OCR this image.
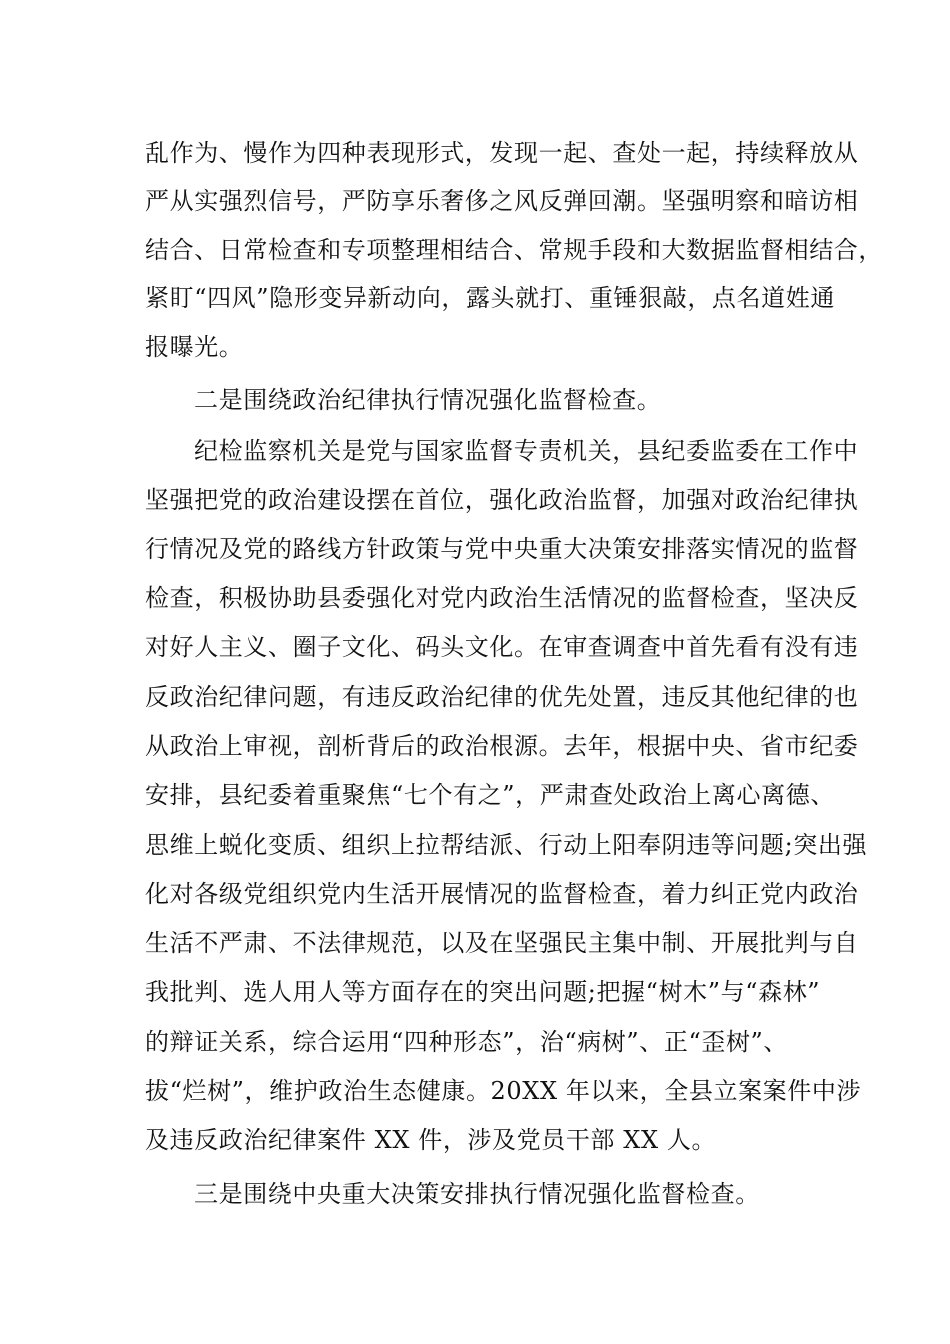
乱作为、慢作为四种表现形式，发现一起、查处一起，持续释放从
严从实强烈信号，严防享乐奢侈之风反弹回潮。坚强明察和暗访相
结合、日常检查和专项整理相结合、常规手段和大数据监督相结合，
紧盯“四风”隐形变异新动向，露头就打、重锤狠敲，点名道姓通
报曝光。
二是围绕政治纪律执行情况强化监督检查。
纪检监察机关是党与国家监督专责机关，县纪委监委在工作中
坚强把党的政治建设摆在首位，强化政治监督，加强对政治纪律执
行情况及党的路线方针政策与党中央重大决策安排落实情况的监督
检查，积极协助县委强化对党内政治生活情况的监督检查，坚决反
对好人主义、圈子文化、码头文化。在审查调查中首先看有没有违
反政治纪律问题，有违反政治纪律的优先处置，违反其他纪律的也
从政治上审视，剖析背后的政治根源。去年，根据中央、省市纪委
安排，县纪委着重聚焦“七个有之”，严肃查处政治上离心离德、
思维上蜕化变质、组织上拉帮结派、行动上阳奉阴违等问题;突出强
化对各级党组织党内生活开展情况的监督检查，着力纠正党内政治
生活不严肃、不法律规范，以及在坚强民主集中制、开展批判与自
我批判、选人用人等方面存在的突出问题;把握“树木”与“森林”
的辩证关系，综合运用“四种形态”，治“病树”、正“歪树”、
拔“烂树”，维护政治生态健康。20XX 年以来，全县立案案件中涉
及违反政治纪律案件 XX 件，涉及党员干部 XX 人。
三是围绕中央重大决策安排执行情况强化监督检查。
